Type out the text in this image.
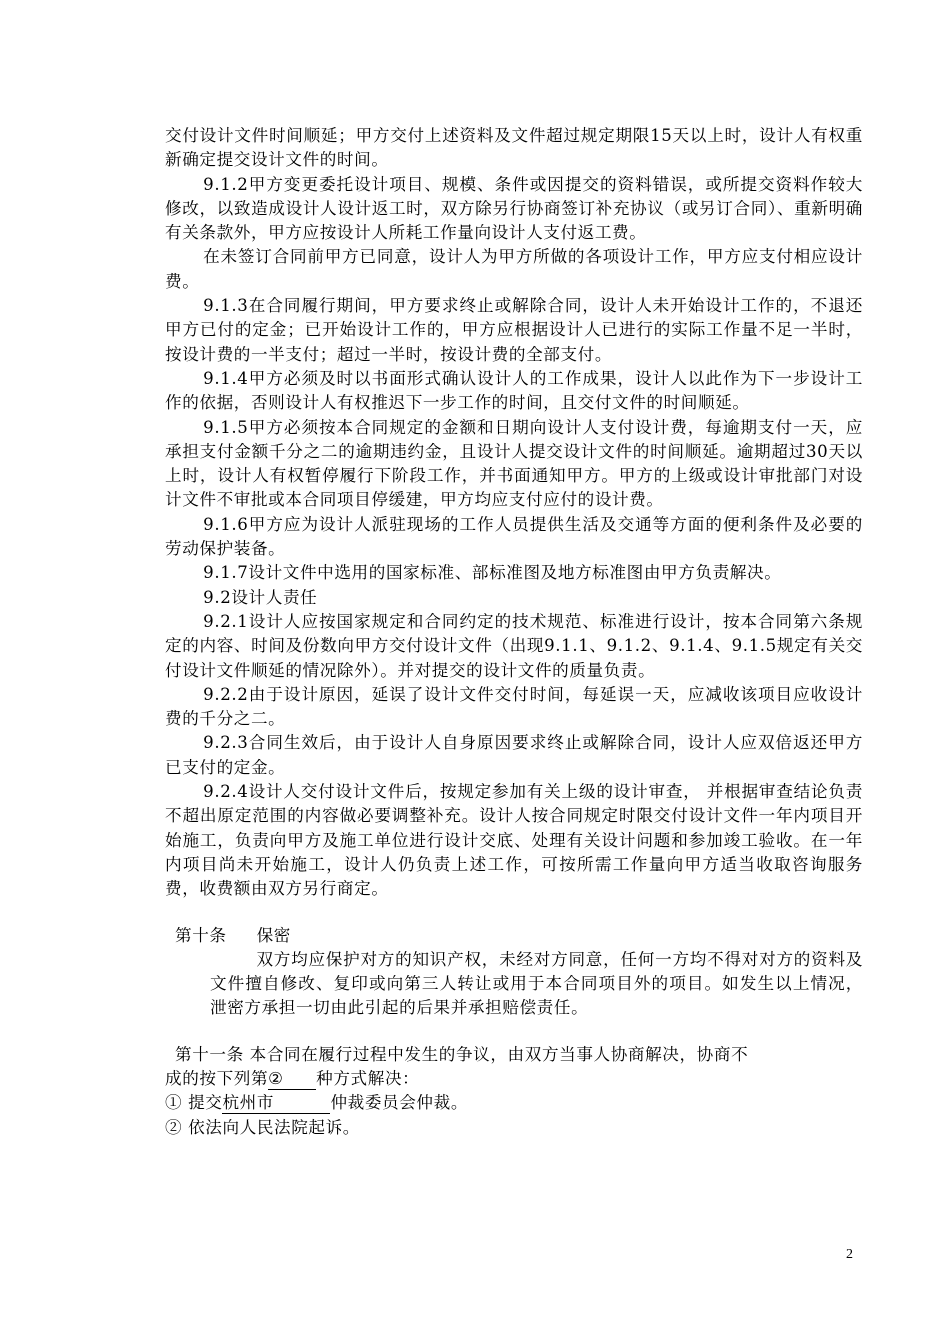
交付设计文件时间顺延；甲方交付上述资料及文件超过规定期限15天以上时，设计人有权重新确定提交设计文件的时间。

9.1.2甲方变更委托设计项目、规模、条件或因提交的资料错误，或所提交资料作较大修改，以致造成设计人设计返工时，双方除另行协商签订补充协议（或另订合同）、重新明确有关条款外，甲方应按设计人所耗工作量向设计人支付返工费。

在未签订合同前甲方已同意，设计人为甲方所做的各项设计工作，甲方应支付相应设计费。

9.1.3在合同履行期间，甲方要求终止或解除合同，设计人未开始设计工作的，不退还甲方已付的定金；已开始设计工作的，甲方应根据设计人已进行的实际工作量不足一半时，按设计费的一半支付；超过一半时，按设计费的全部支付。

9.1.4甲方必须及时以书面形式确认设计人的工作成果，设计人以此作为下一步设计工作的依据，否则设计人有权推迟下一步工作的时间，且交付文件的时间顺延。

9.1.5甲方必须按本合同规定的金额和日期向设计人支付设计费，每逾期支付一天，应承担支付金额千分之二的逾期违约金，且设计人提交设计文件的时间顺延。逾期超过30天以上时，设计人有权暂停履行下阶段工作，并书面通知甲方。甲方的上级或设计审批部门对设计文件不审批或本合同项目停缓建，甲方均应支付应付的设计费。

9.1.6甲方应为设计人派驻现场的工作人员提供生活及交通等方面的便利条件及必要的劳动保护装备。

9.1.7设计文件中选用的国家标准、部标准图及地方标准图由甲方负责解决。

9.2设计人责任

9.2.1设计人应按国家规定和合同约定的技术规范、标准进行设计，按本合同第六条规定的内容、时间及份数向甲方交付设计文件（出现9.1.1、9.1.2、9.1.4、9.1.5规定有关交付设计文件顺延的情况除外）。并对提交的设计文件的质量负责。

9.2.2由于设计原因，延误了设计文件交付时间，每延误一天，应减收该项目应收设计费的千分之二。

9.2.3合同生效后，由于设计人自身原因要求终止或解除合同，设计人应双倍返还甲方已支付的定金。

9.2.4设计人交付设计文件后，按规定参加有关上级的设计审查， 并根据审查结论负责不超出原定范围的内容做必要调整补充。设计人按合同规定时限交付设计文件一年内项目开始施工，负责向甲方及施工单位进行设计交底、处理有关设计问题和参加竣工验收。在一年内项目尚未开始施工，设计人仍负责上述工作，可按所需工作量向甲方适当收取咨询服务费，收费额由双方另行商定。

第十条 保密

双方均应保护对方的知识产权，未经对方同意，任何一方均不得对对方的资料及文件擅自修改、复印或向第三人转让或用于本合同项目外的项目。如发生以上情况，泄密方承担一切由此引起的后果并承担赔偿责任。

第十一条 本合同在履行过程中发生的争议，由双方当事人协商解决，协商不

成的按下列第② 种方式解决：

① 提交杭州市	仲裁委员会仲裁。

② 依法向人民法院起诉。

2
